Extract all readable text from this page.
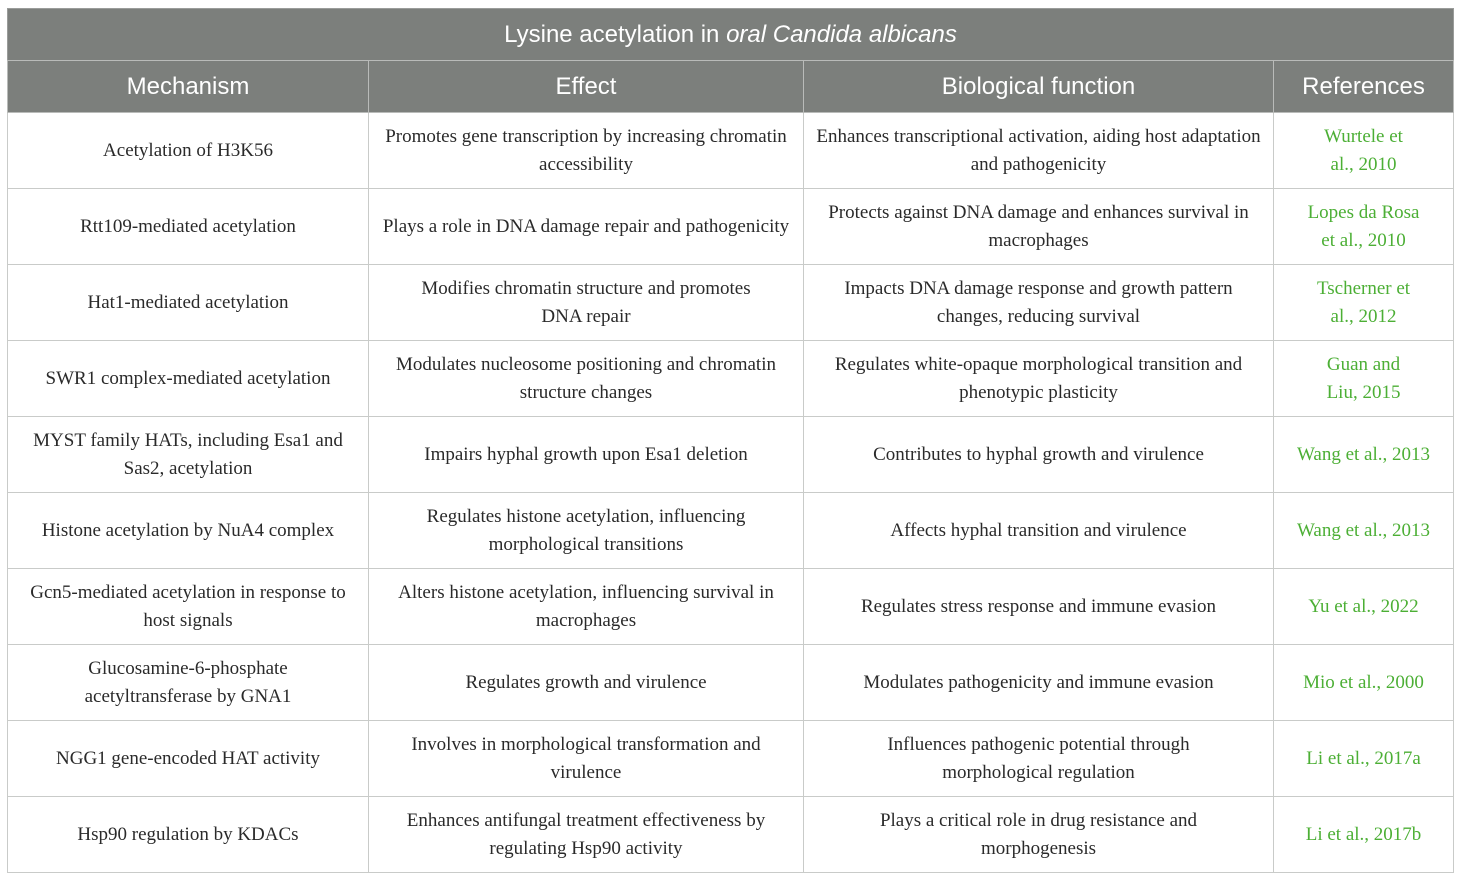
Lysine acetylation in oral Candida albicans			
Mechanism	Effect	Biological function	References
Acetylation of H3K56	Promotes gene transcription by increasing chromatin accessibility	Enhances transcriptional activation, aiding host adaptation and pathogenicity	Wurtele et al., 2010
Rtt109-mediated acetylation	Plays a role in DNA damage repair and pathogenicity	Protects against DNA damage and enhances survival in macrophages	Lopes da Rosa et al., 2010
Hat1-mediated acetylation	Modifies chromatin structure and promotes DNA repair	Impacts DNA damage response and growth pattern changes, reducing survival	Tscherner et al., 2012
SWR1 complex-mediated acetylation	Modulates nucleosome positioning and chromatin structure changes	Regulates white-opaque morphological transition and phenotypic plasticity	Guan and Liu, 2015
MYST family HATs, including Esa1 and Sas2, acetylation	Impairs hyphal growth upon Esa1 deletion	Contributes to hyphal growth and virulence	Wang et al., 2013
Histone acetylation by NuA4 complex	Regulates histone acetylation, influencing morphological transitions	Affects hyphal transition and virulence	Wang et al., 2013
Gcn5-mediated acetylation in response to host signals	Alters histone acetylation, influencing survival in macrophages	Regulates stress response and immune evasion	Yu et al., 2022
Glucosamine-6-phosphate acetyltransferase by GNA1	Regulates growth and virulence	Modulates pathogenicity and immune evasion	Mio et al., 2000
NGG1 gene-encoded HAT activity	Involves in morphological transformation and virulence	Influences pathogenic potential through morphological regulation	Li et al., 2017a
Hsp90 regulation by KDACs	Enhances antifungal treatment effectiveness by regulating Hsp90 activity	Plays a critical role in drug resistance and morphogenesis	Li et al., 2017b
